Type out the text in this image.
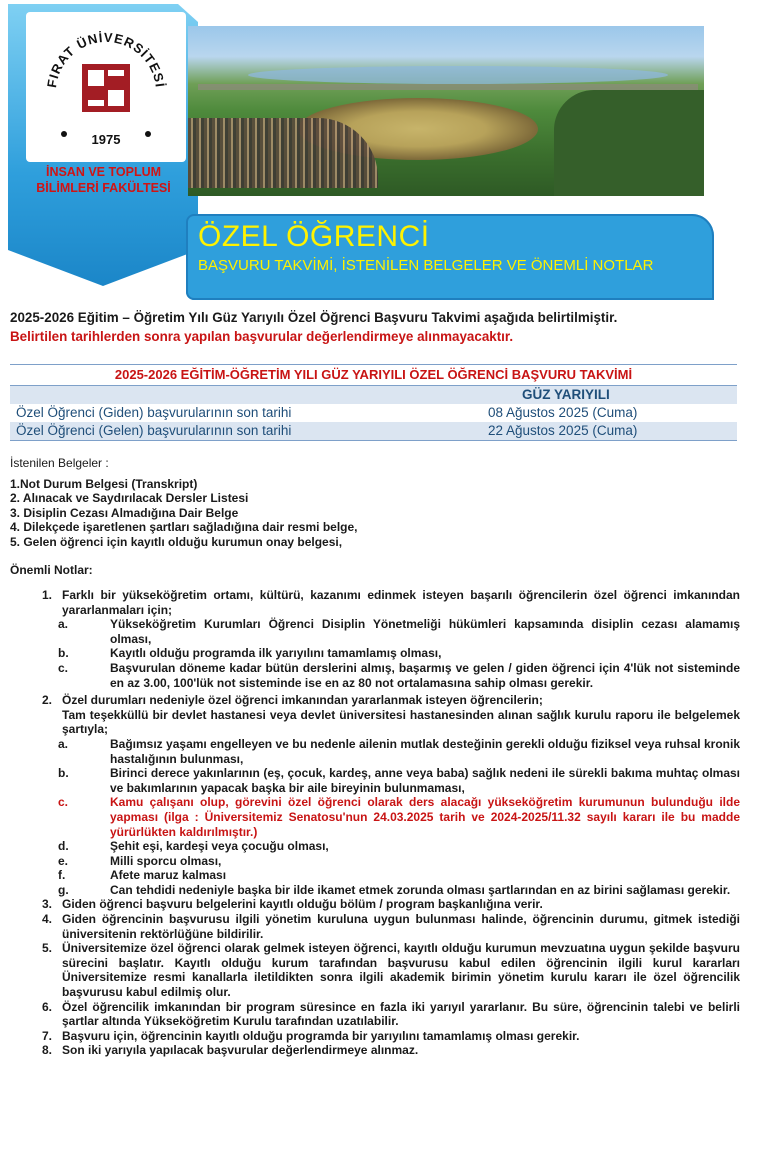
FIRAT ÜNİVERSİTESİ
1975
İNSAN VE TOPLUM
BİLİMLERİ FAKÜLTESİ
ÖZEL ÖĞRENCİ
BAŞVURU TAKVİMİ, İSTENİLEN BELGELER VE ÖNEMLİ NOTLAR
2025-2026 Eğitim – Öğretim Yılı Güz Yarıyılı Özel Öğrenci Başvuru Takvimi aşağıda belirtilmiştir.
Belirtilen tarihlerden sonra yapılan başvurular değerlendirmeye alınmayacaktır.
2025-2026 EĞİTİM-ÖĞRETİM YILI GÜZ YARIYILI ÖZEL ÖĞRENCİ BAŞVURU TAKVİMİ
GÜZ YARIYILI
Özel Öğrenci (Giden) başvurularının son tarihi	08 Ağustos 2025 (Cuma)
Özel Öğrenci (Gelen) başvurularının son tarihi	22 Ağustos 2025 (Cuma)
İstenilen Belgeler :
1.Not Durum Belgesi (Transkript)
2. Alınacak ve Saydırılacak Dersler Listesi
3. Disiplin Cezası Almadığına Dair Belge
4. Dilekçede işaretlenen şartları sağladığına dair resmi belge,
5. Gelen öğrenci için kayıtlı olduğu kurumun onay belgesi,
Önemli Notlar:
1. Farklı bir yükseköğretim ortamı, kültürü, kazanımı edinmek isteyen başarılı öğrencilerin özel öğrenci imkanından yararlanmaları için;
a.	Yükseköğretim Kurumları Öğrenci Disiplin Yönetmeliği hükümleri kapsamında disiplin cezası alamamış olması,
b.	Kayıtlı olduğu programda ilk yarıyılını tamamlamış olması,
c.	Başvurulan döneme kadar bütün derslerini almış, başarmış ve gelen / giden öğrenci için 4'lük not sisteminde en az 3.00, 100'lük not sisteminde ise en az 80 not ortalamasına sahip olması gerekir.
2. Özel durumları nedeniyle özel öğrenci imkanından yararlanmak isteyen öğrencilerin;
Tam teşekküllü bir devlet hastanesi veya devlet üniversitesi hastanesinden alınan sağlık kurulu raporu ile belgelemek şartıyla;
a.	Bağımsız yaşamı engelleyen ve bu nedenle ailenin mutlak desteğinin gerekli olduğu fiziksel veya ruhsal kronik hastalığının bulunması,
b.	Birinci derece yakınlarının (eş, çocuk, kardeş, anne veya baba) sağlık nedeni ile sürekli bakıma muhtaç olması ve bakımlarının yapacak başka bir aile bireyinin bulunmaması,
c.	Kamu çalışanı olup, görevini özel öğrenci olarak ders alacağı yükseköğretim kurumunun bulunduğu ilde yapması (ilga : Üniversitemiz Senatosu'nun 24.03.2025 tarih ve 2024-2025/11.32 sayılı kararı ile bu madde yürürlükten kaldırılmıştır.)
d.	Şehit eşi, kardeşi veya çocuğu olması,
e.	Milli sporcu olması,
f.	Afete maruz kalması
g.	Can tehdidi nedeniyle başka bir ilde ikamet etmek zorunda olması şartlarından en az birini sağlaması gerekir.
3. Giden öğrenci başvuru belgelerini kayıtlı olduğu bölüm / program başkanlığına verir.
4. Giden öğrencinin başvurusu ilgili yönetim kuruluna uygun bulunması halinde, öğrencinin durumu, gitmek istediği üniversitenin rektörlüğüne bildirilir.
5. Üniversitemize özel öğrenci olarak gelmek isteyen öğrenci, kayıtlı olduğu kurumun mevzuatına uygun şekilde başvuru sürecini başlatır. Kayıtlı olduğu kurum tarafından başvurusu kabul edilen öğrencinin ilgili kurul kararları Üniversitemize resmi kanallarla iletildikten sonra ilgili akademik birimin yönetim kurulu kararı ile özel öğrencilik başvurusu kabul edilmiş olur.
6. Özel öğrencilik imkanından bir program süresince en fazla iki yarıyıl yararlanır. Bu süre, öğrencinin talebi ve belirli şartlar altında Yükseköğretim Kurulu tarafından uzatılabilir.
7. Başvuru için, öğrencinin kayıtlı olduğu programda bir yarıyılını tamamlamış olması gerekir.
8. Son iki yarıyıla yapılacak başvurular değerlendirmeye alınmaz.
